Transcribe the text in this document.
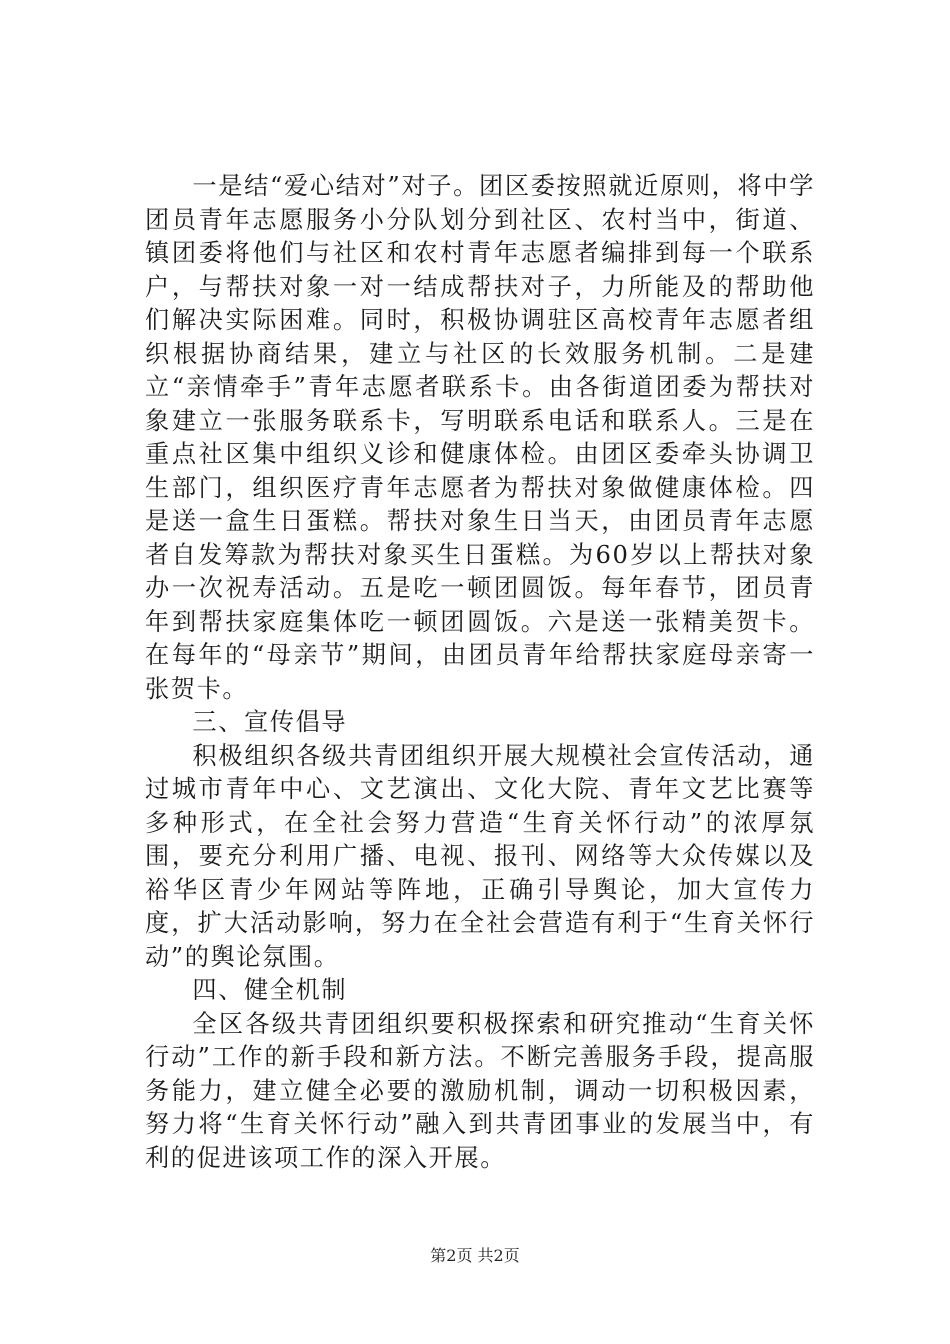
一是结“爱心结对”对子。团区委按照就近原则，将中学团员青年志愿服务小分队划分到社区、农村当中，街道、镇团委将他们与社区和农村青年志愿者编排到每一个联系户，与帮扶对象一对一结成帮扶对子，力所能及的帮助他们解决实际困难。同时，积极协调驻区高校青年志愿者组织根据协商结果，建立与社区的长效服务机制。二是建立“亲情牵手”青年志愿者联系卡。由各街道团委为帮扶对象建立一张服务联系卡，写明联系电话和联系人。三是在重点社区集中组织义诊和健康体检。由团区委牵头协调卫生部门，组织医疗青年志愿者为帮扶对象做健康体检。四是送一盒生日蛋糕。帮扶对象生日当天，由团员青年志愿者自发筹款为帮扶对象买生日蛋糕。为60岁以上帮扶对象办一次祝寿活动。五是吃一顿团圆饭。每年春节，团员青年到帮扶家庭集体吃一顿团圆饭。六是送一张精美贺卡。在每年的“母亲节”期间，由团员青年给帮扶家庭母亲寄一张贺卡。

三、宣传倡导

积极组织各级共青团组织开展大规模社会宣传活动，通过城市青年中心、文艺演出、文化大院、青年文艺比赛等多种形式，在全社会努力营造“生育关怀行动”的浓厚氛围，要充分利用广播、电视、报刊、网络等大众传媒以及裕华区青少年网站等阵地，正确引导舆论，加大宣传力度，扩大活动影响，努力在全社会营造有利于“生育关怀行动”的舆论氛围。

四、健全机制

全区各级共青团组织要积极探索和研究推动“生育关怀行动”工作的新手段和新方法。不断完善服务手段，提高服务能力，建立健全必要的激励机制，调动一切积极因素，努力将“生育关怀行动”融入到共青团事业的发展当中，有利的促进该项工作的深入开展。

第2页 共2页
